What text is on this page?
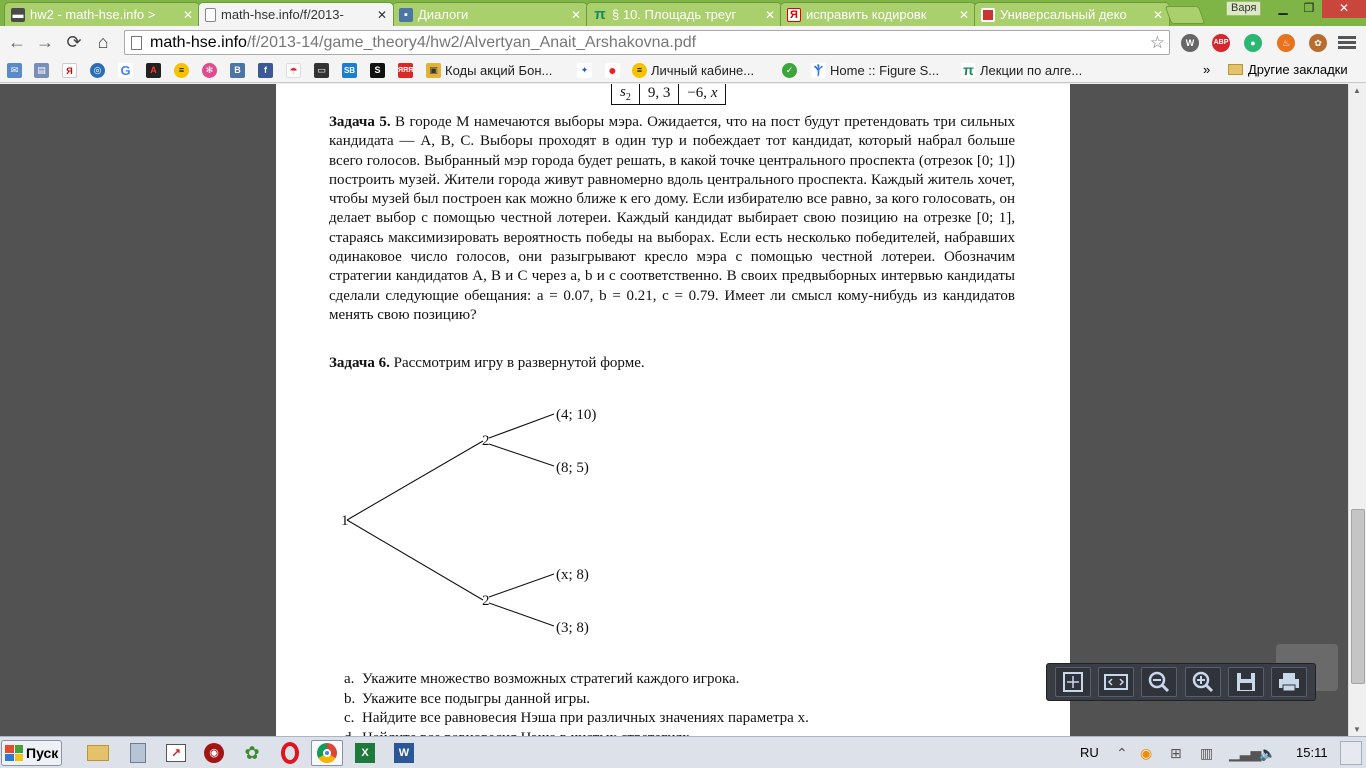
▬ hw2 - math-hse.info >	✕ math-hse.info/f/2013-	✕	▪ Диалоги	✕ π § 10. Площадь треуг	✕ Я исправить кодировк	✕ Универсальный деко	✕	Варя	▁	❐	✕
← → ⟳ ⌂	math-hse.info /f/2013-14/game_theory4/hw2/Alvertyan_Anait_Arshakovna.pdf	☆	W	ABP	●	♨	✿
✉	▤	Я	◎ G	A	≡	✻	B	f	☂	▭	SB	S	ЯЯЯ	▣ Коды акций Бон...	✦ ●	≡ Личный кабине...	✓	Ⲯ Home :: Figure S... π Лекции по алге...	»	Другие закладки
$s_2$	9, 3	−6, x
Задача 5. В городе M намечаются выборы мэра. Ожидается, что на пост будут претендовать три сильных кандидата — A, B, C. Выборы проходят в один тур и побеждает тот кандидат, который набрал больше всего голосов. Выбранный мэр города будет решать, в какой точке центрального проспекта (отрезок [0; 1]) построить музей. Жители города живут равномерно вдоль центрального проспекта. Каждый житель хочет, чтобы музей был построен как можно ближе к его дому. Если избирателю все равно, за кого голосовать, он делает выбор с помощью честной лотереи. Каждый кандидат выбирает свою позицию на отрезке [0; 1], стараясь максимизировать вероятность победы на выборах. Если есть несколько победителей, набравших одинаковое число голосов, они разыгрывают кресло мэра с помощью честной лотереи. Обозначим стратегии кандидатов A, B и C через a, b и c соответственно. В своих предвыборных интервью кандидаты сделали следующие обещания: a = 0.07, b = 0.21, c = 0.79. Имеет ли смысл кому-нибудь из кандидатов менять свою позицию?
Задача 6. Рассмотрим игру в развернутой форме.
1
2
2
(4; 10)
(8; 5)
(x; 8)
(3; 8)
a. Укажите множество возможных стратегий каждого игрока.
b. Укажите все подыгры данной игры.
c. Найдите все равновесия Нэша при различных значениях параметра x.
▲
▼
Пуск	↗	◉ ✿	X	W	RU ⌃ ◉ ⊞ ▥ ▁▃▅
🔈 15:11
